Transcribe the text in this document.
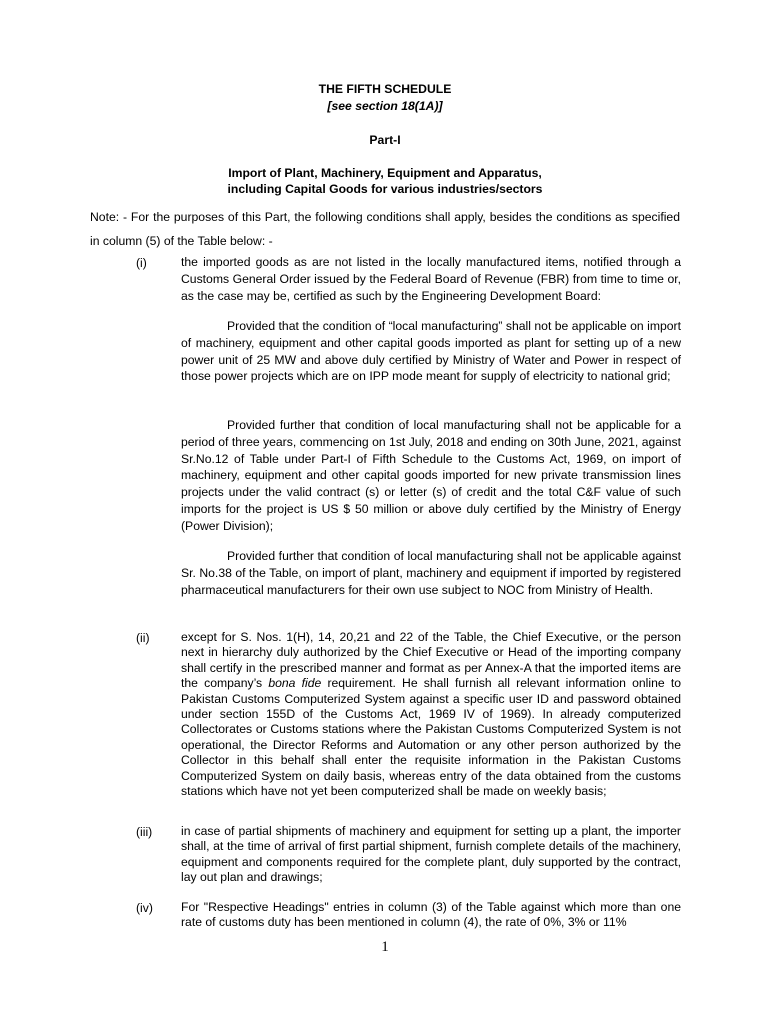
THE FIFTH SCHEDULE
[see section 18(1A)]
Part-I
Import of Plant, Machinery, Equipment and Apparatus,
including Capital Goods for various industries/sectors
Note: - For the purposes of this Part, the following conditions shall apply, besides the conditions as specified in column (5) of the Table below: -
(i)	the imported goods as are not listed in the locally manufactured items, notified through a Customs General Order issued by the Federal Board of Revenue (FBR) from time to time or, as the case may be, certified as such by the Engineering Development Board:
Provided that the condition of “local manufacturing” shall not be applicable on import of machinery, equipment and other capital goods imported as plant for setting up of a new power unit of 25 MW and above duly certified by Ministry of Water and Power in respect of those power projects which are on IPP mode meant for supply of electricity to national grid;
Provided further that condition of local manufacturing shall not be applicable for a period of three years, commencing on 1st July, 2018 and ending on 30th June, 2021, against Sr.No.12 of Table under Part-I of Fifth Schedule to the Customs Act, 1969, on import of machinery, equipment and other capital goods imported for new private transmission lines projects under the valid contract (s) or letter (s) of credit and the total C&F value of such imports for the project is US $ 50 million or above duly certified by the Ministry of Energy (Power Division);
Provided further that condition of local manufacturing shall not be applicable against Sr. No.38 of the Table, on import of plant, machinery and equipment if imported by registered pharmaceutical manufacturers for their own use subject to NOC from Ministry of Health.
(ii)	except for S. Nos. 1(H), 14, 20,21 and 22 of the Table, the Chief Executive, or the person next in hierarchy duly authorized by the Chief Executive or Head of the importing company shall certify in the prescribed manner and format as per Annex-A that the imported items are the company’s bona fide requirement. He shall furnish all relevant information online to Pakistan Customs Computerized System against a specific user ID and password obtained under section 155D of the Customs Act, 1969 IV of 1969). In already computerized Collectorates or Customs stations where the Pakistan Customs Computerized System is not operational, the Director Reforms and Automation or any other person authorized by the Collector in this behalf shall enter the requisite information in the Pakistan Customs Computerized System on daily basis, whereas entry of the data obtained from the customs stations which have not yet been computerized shall be made on weekly basis;
(iii) in case of partial shipments of machinery and equipment for setting up a plant, the importer shall, at the time of arrival of first partial shipment, furnish complete details of the machinery, equipment and components required for the complete plant, duly supported by the contract, lay out plan and drawings;
(iv) For "Respective Headings" entries in column (3) of the Table against which more than one rate of customs duty has been mentioned in column (4), the rate of 0%, 3% or 11%
1
